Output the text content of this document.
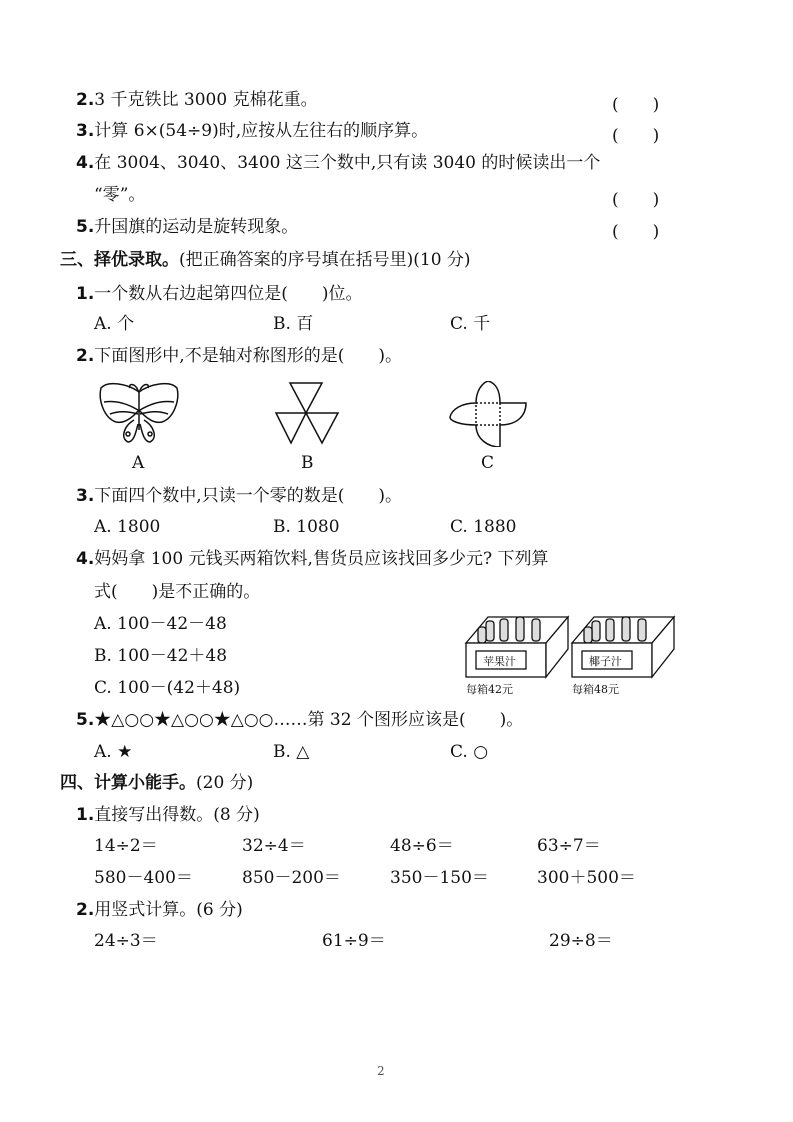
2.3 千克铁比 3000 克棉花重。	(　　)
3.计算 6×(54÷9)时,应按从左往右的顺序算。	(　　)
4.在 3004、3040、3400 这三个数中,只有读 3040 的时候读出一个
“零”。	(　　)
5.升国旗的运动是旋转现象。	(　　)
三、择优录取。(把正确答案的序号填在括号里)(10 分)
1.一个数从右边起第四位是(　　)位。
A. 个	B. 百	C. 千
2.下面图形中,不是轴对称图形的是(　　)。
A	B	C
3.下面四个数中,只读一个零的数是(　　)。
A. 1800	B. 1080	C. 1880
4.妈妈拿 100 元钱买两箱饮料,售货员应该找回多少元? 下列算
式(　　)是不正确的。
A. 100－42－48
B. 100－42＋48
C. 100－(42＋48)
苹果汁
每箱42元
椰子汁
每箱48元
5.★△○○★△○○★△○○……第 32 个图形应该是(　　)。
A. ★	B. △	C. ○
四、计算小能手。(20 分)
1.直接写出得数。(8 分)
14÷2＝	32÷4＝	48÷6＝	63÷7＝
580－400＝	850－200＝	350－150＝	300＋500＝
2.用竖式计算。(6 分)
24÷3＝	61÷9＝	29÷8＝
2
